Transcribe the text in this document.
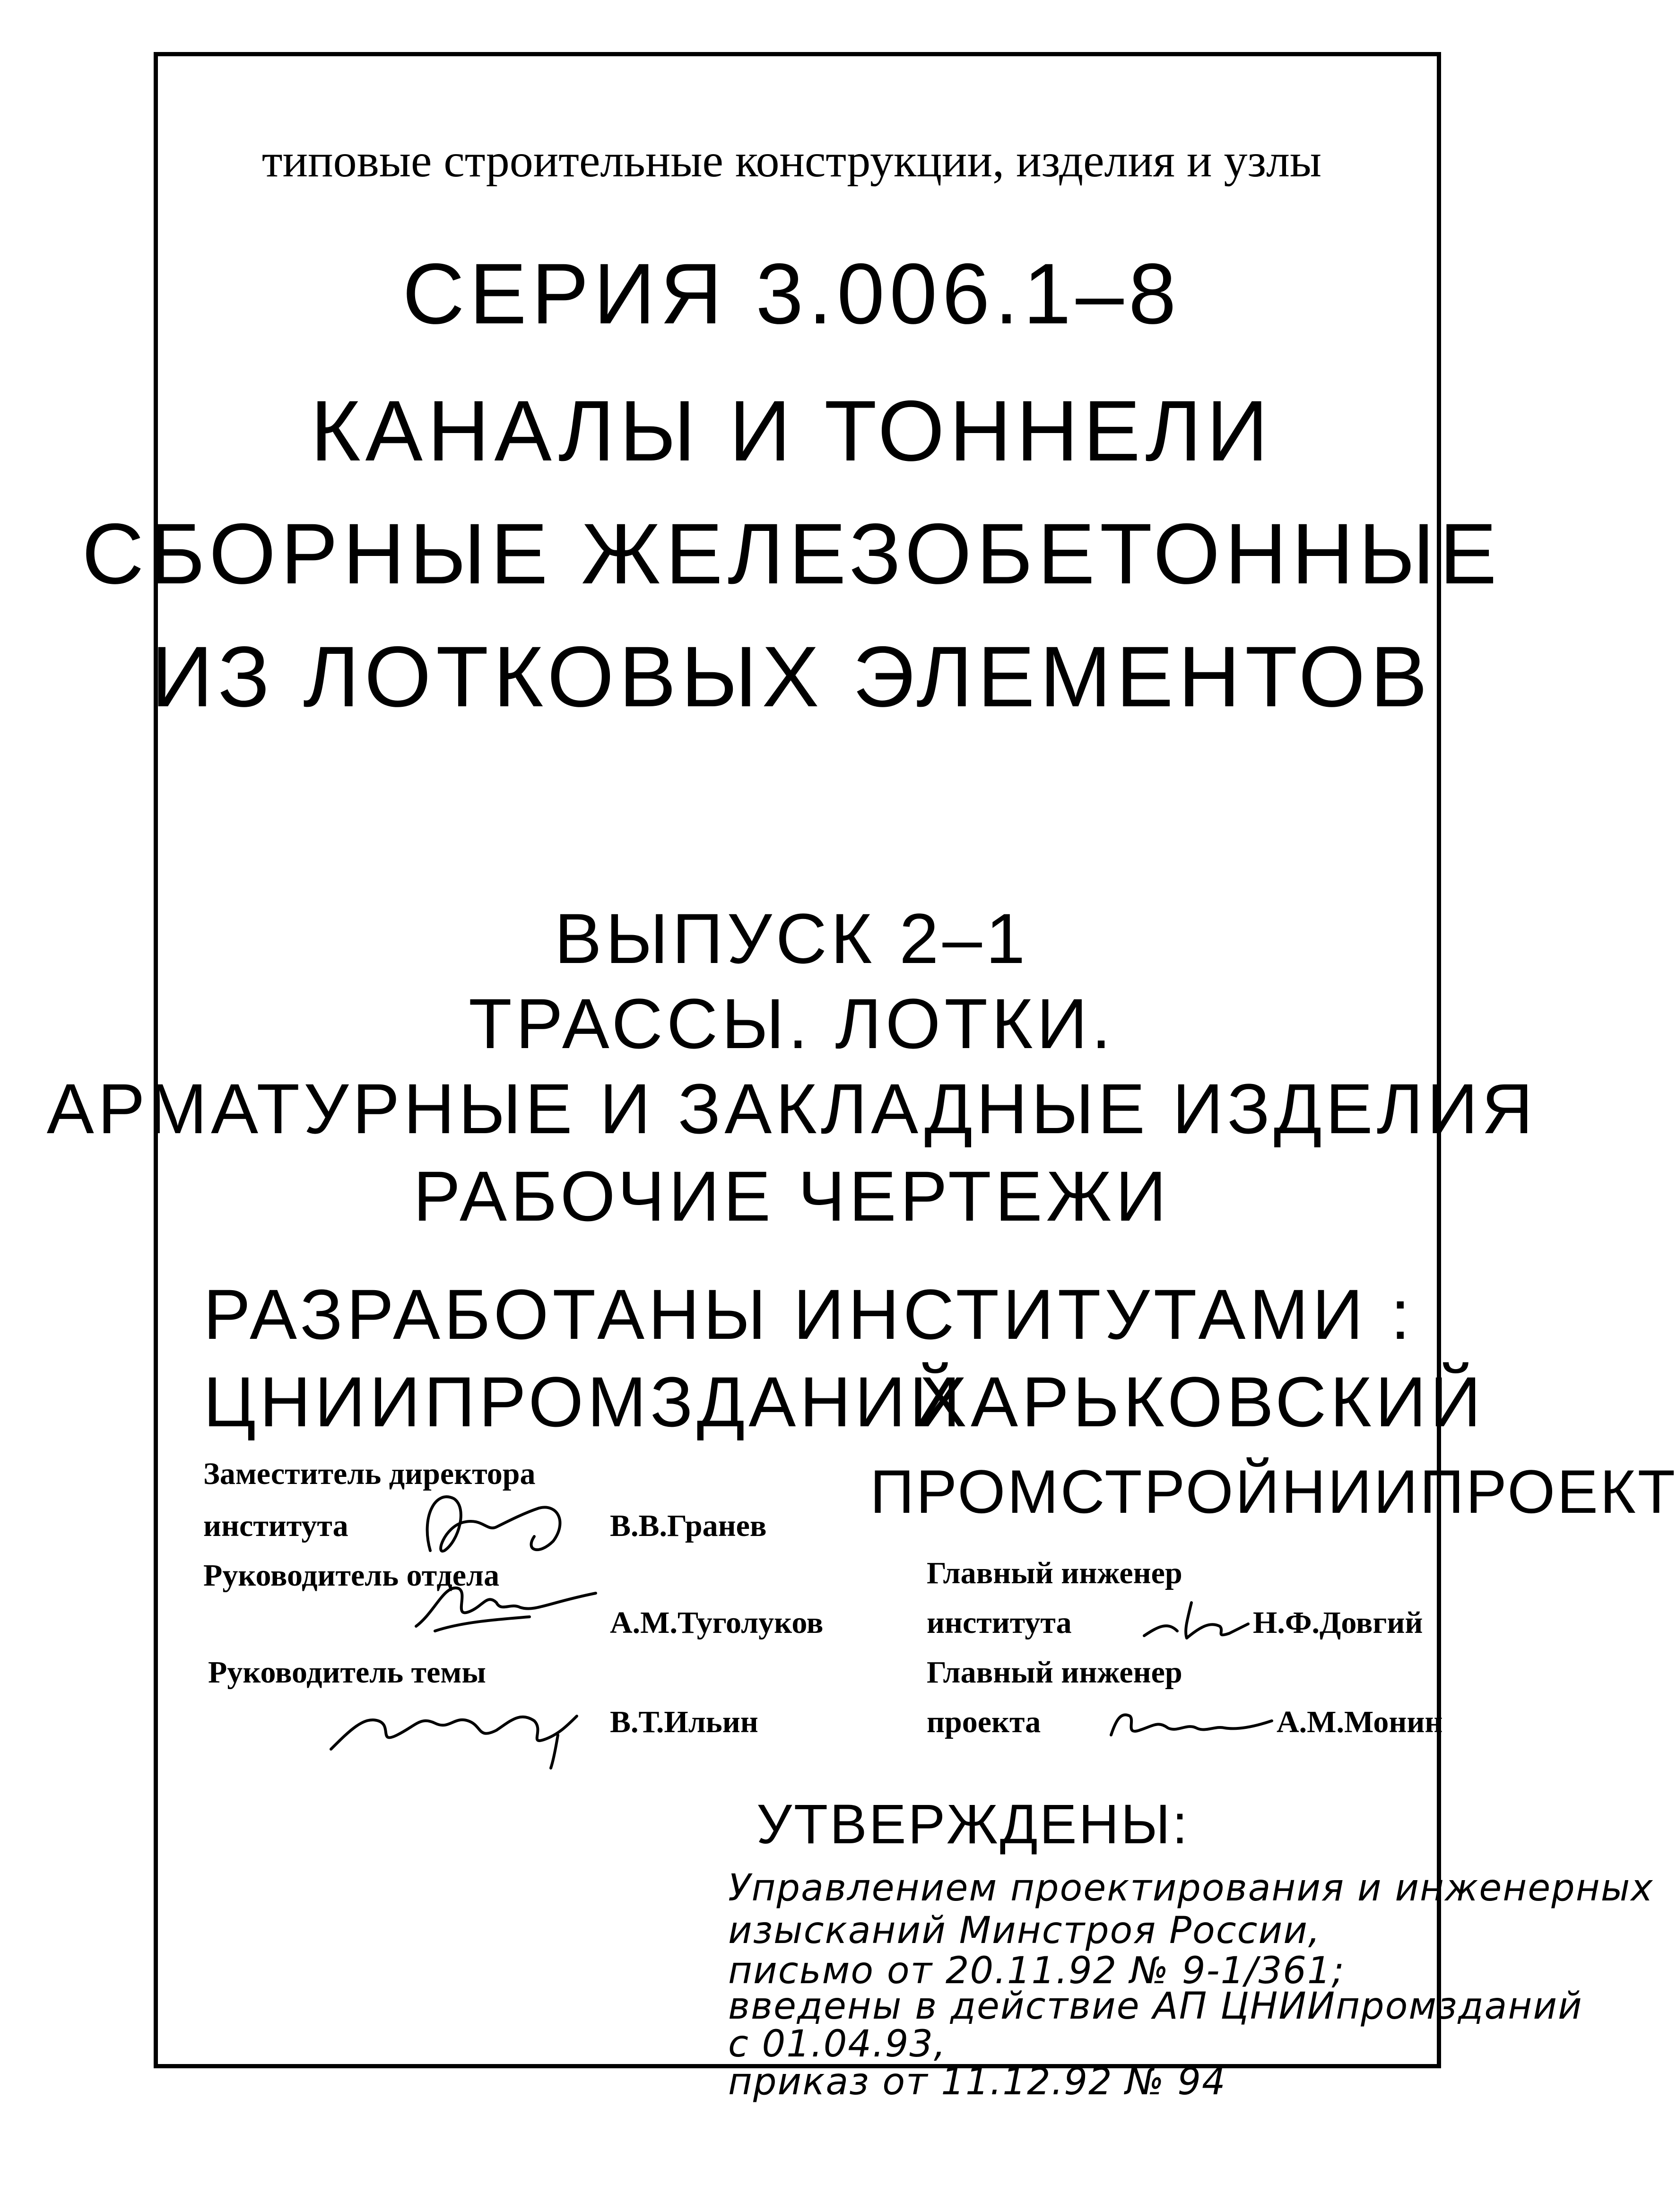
типовые строительные конструкции, изделия и узлы
СЕРИЯ 3.006.1–8
КАНАЛЫ И ТОННЕЛИ
СБОРНЫЕ ЖЕЛЕЗОБЕТОННЫЕ
ИЗ ЛОТКОВЫХ ЭЛЕМЕНТОВ
ВЫПУСК 2–1
ТРАССЫ. ЛОТКИ.
АРМАТУРНЫЕ И ЗАКЛАДНЫЕ ИЗДЕЛИЯ
РАБОЧИЕ ЧЕРТЕЖИ
РАЗРАБОТАНЫ ИНСТИТУТАМИ :
ЦНИИПРОМЗДАНИЙ
ХАРЬКОВСКИЙ
ПРОМСТРОЙНИИПРОЕКТ
Заместитель директора
института	В.В.Гранев
Руководитель отдела
А.М.Туголуков
Руководитель темы
В.Т.Ильин
Главный инженер
института	Н.Ф.Довгий
Главный инженер
проекта	А.М.Монин
УТВЕРЖДЕНЫ:
Управлением проектирования и инженерных
изысканий Минстроя России,
письмо от 20.11.92 № 9-1/361;
введены в действие АП ЦНИИпромзданий
с 01.04.93,
приказ от 11.12.92 № 94
